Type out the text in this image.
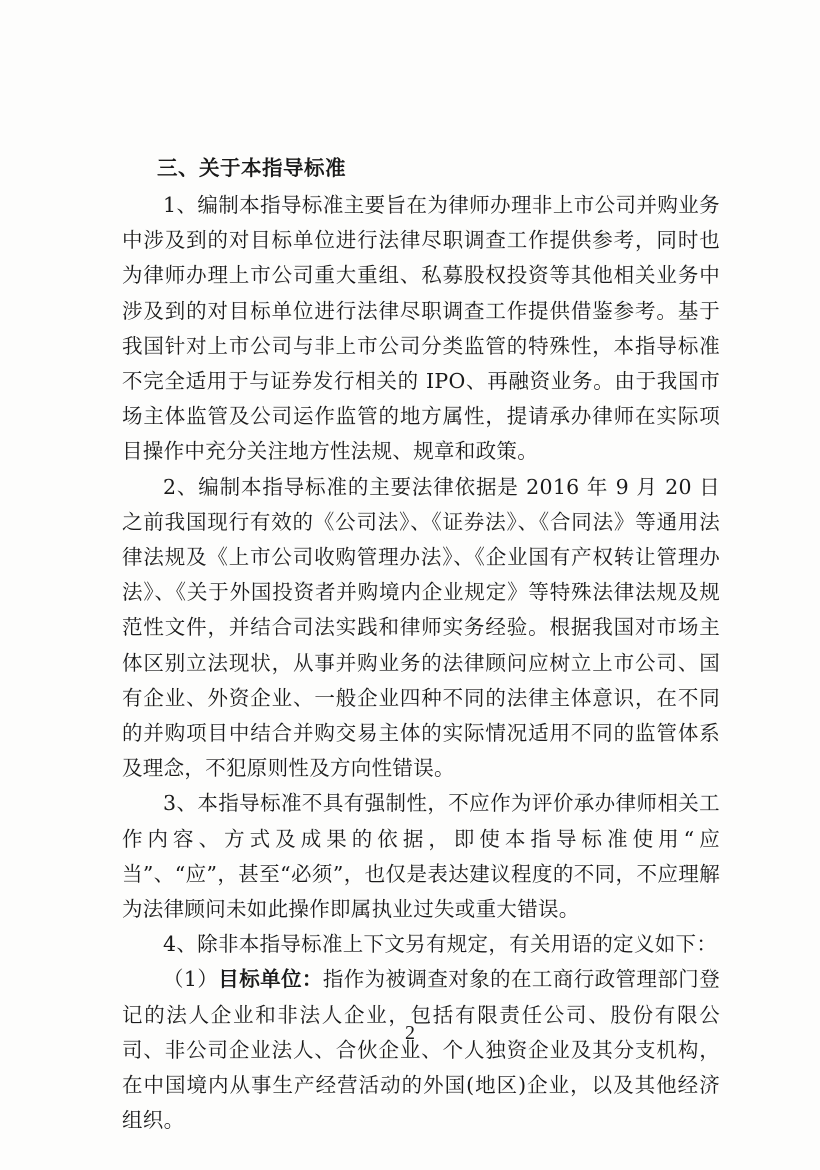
三、关于本指导标准

1、编制本指导标准主要旨在为律师办理非上市公司并购业务中涉及到的对目标单位进行法律尽职调查工作提供参考，同时也为律师办理上市公司重大重组、私募股权投资等其他相关业务中涉及到的对目标单位进行法律尽职调查工作提供借鉴参考。基于我国针对上市公司与非上市公司分类监管的特殊性，本指导标准不完全适用于与证券发行相关的 IPO、再融资业务。由于我国市场主体监管及公司运作监管的地方属性，提请承办律师在实际项目操作中充分关注地方性法规、规章和政策。

2、编制本指导标准的主要法律依据是 2016 年 9 月 20 日之前我国现行有效的《公司法》、《证券法》、《合同法》等通用法律法规及《上市公司收购管理办法》、《企业国有产权转让管理办法》、《关于外国投资者并购境内企业规定》等特殊法律法规及规范性文件，并结合司法实践和律师实务经验。根据我国对市场主体区别立法现状，从事并购业务的法律顾问应树立上市公司、国有企业、外资企业、一般企业四种不同的法律主体意识，在不同的并购项目中结合并购交易主体的实际情况适用不同的监管体系及理念，不犯原则性及方向性错误。

3、本指导标准不具有强制性，不应作为评价承办律师相关工作内容、方式及成果的依据，即使本指导标准使用“应当”、“应”，甚至“必须”，也仅是表达建议程度的不同，不应理解为法律顾问未如此操作即属执业过失或重大错误。

4、除非本指导标准上下文另有规定，有关用语的定义如下：

（1）目标单位：指作为被调查对象的在工商行政管理部门登记的法人企业和非法人企业，包括有限责任公司、股份有限公司、非公司企业法人、合伙企业、个人独资企业及其分支机构，在中国境内从事生产经营活动的外国(地区)企业，以及其他经济组织。

2
